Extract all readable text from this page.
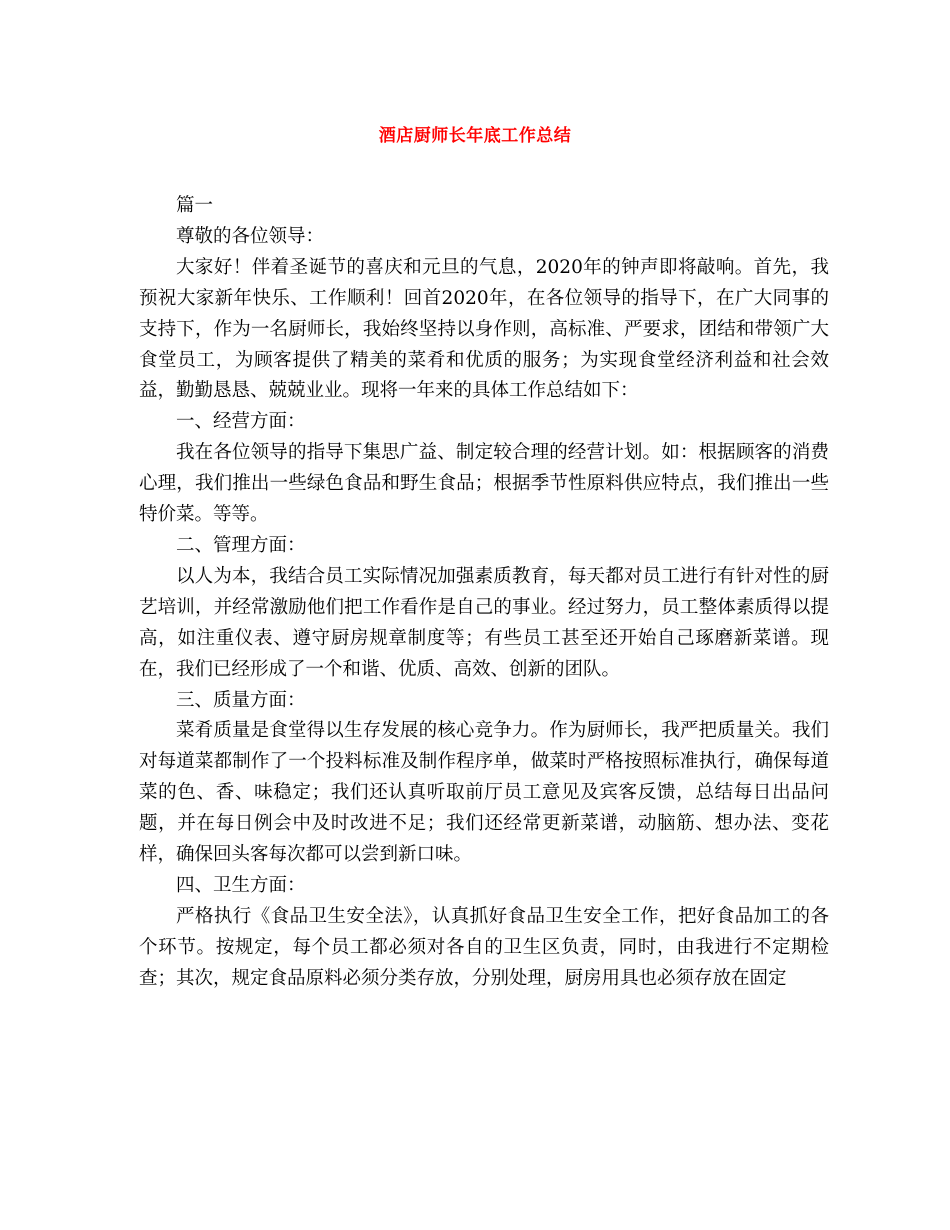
酒店厨师长年底工作总结

篇一

尊敬的各位领导：

大家好！伴着圣诞节的喜庆和元旦的气息，2020年的钟声即将敲响。首先，我预祝大家新年快乐、工作顺利！回首2020年，在各位领导的指导下，在广大同事的支持下，作为一名厨师长，我始终坚持以身作则，高标准、严要求，团结和带领广大食堂员工，为顾客提供了精美的菜肴和优质的服务；为实现食堂经济利益和社会效益，勤勤恳恳、兢兢业业。现将一年来的具体工作总结如下：

一、经营方面：

我在各位领导的指导下集思广益、制定较合理的经营计划。如：根据顾客的消费心理，我们推出一些绿色食品和野生食品；根据季节性原料供应特点，我们推出一些特价菜。等等。

二、管理方面：

以人为本，我结合员工实际情况加强素质教育，每天都对员工进行有针对性的厨艺培训，并经常激励他们把工作看作是自己的事业。经过努力，员工整体素质得以提高，如注重仪表、遵守厨房规章制度等；有些员工甚至还开始自己琢磨新菜谱。现在，我们已经形成了一个和谐、优质、高效、创新的团队。

三、质量方面：

菜肴质量是食堂得以生存发展的核心竞争力。作为厨师长，我严把质量关。我们对每道菜都制作了一个投料标准及制作程序单，做菜时严格按照标准执行，确保每道菜的色、香、味稳定；我们还认真听取前厅员工意见及宾客反馈，总结每日出品问题，并在每日例会中及时改进不足；我们还经常更新菜谱，动脑筋、想办法、变花样，确保回头客每次都可以尝到新口味。

四、卫生方面：

严格执行《食品卫生安全法》，认真抓好食品卫生安全工作，把好食品加工的各个环节。按规定，每个员工都必须对各自的卫生区负责，同时，由我进行不定期检查；其次，规定食品原料必须分类存放，分别处理，厨房用具也必须存放在固定
